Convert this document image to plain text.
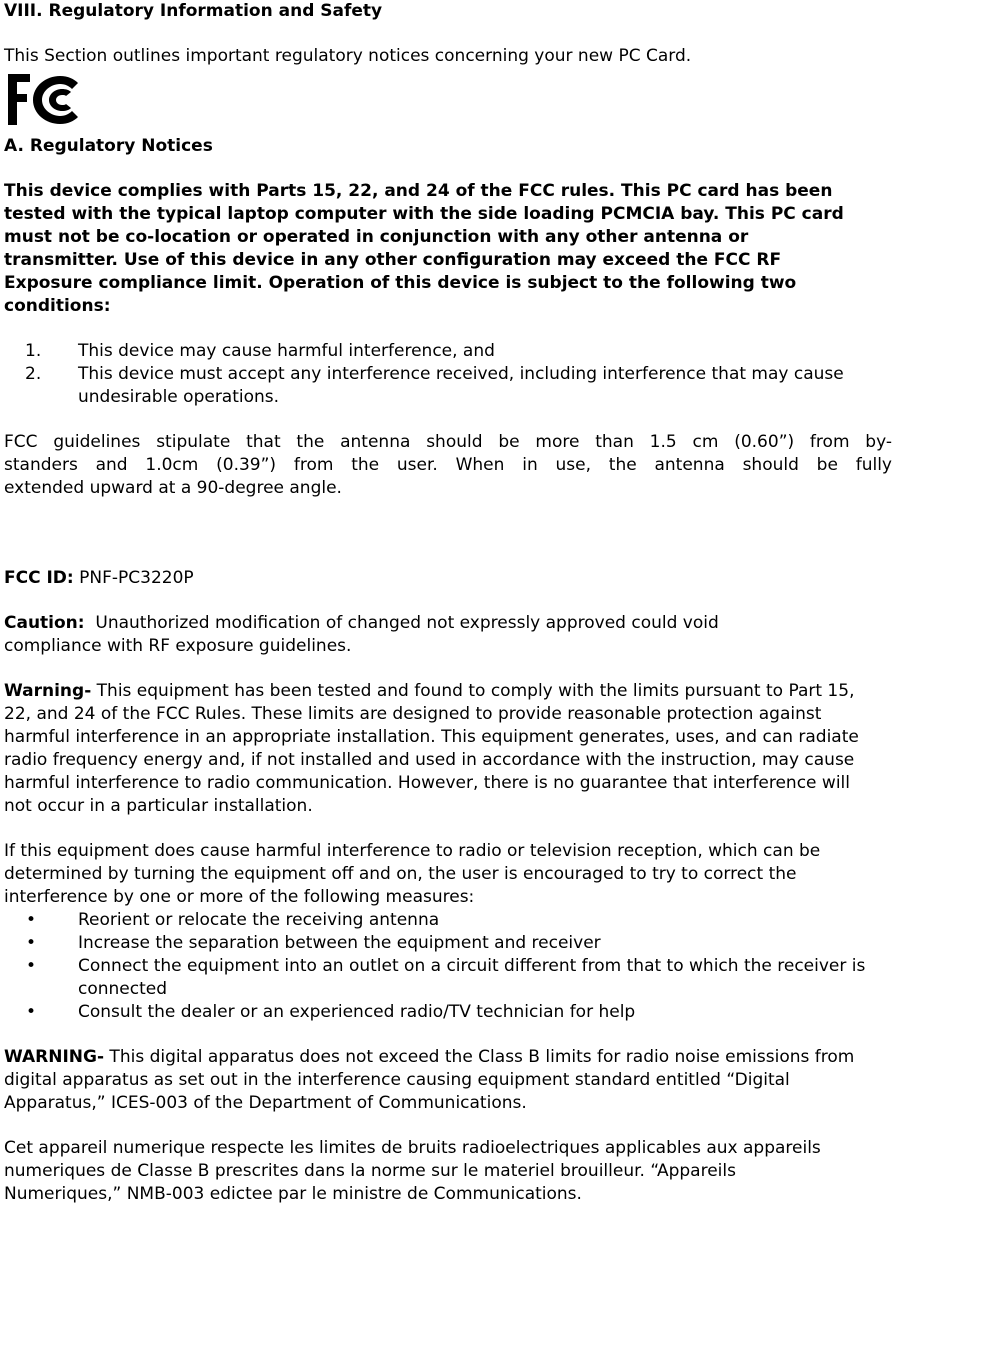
VIII. Regulatory Information and Safety

This Section outlines important regulatory notices concerning your new PC Card.

A. Regulatory Notices

This device complies with Parts 15, 22, and 24 of the FCC rules. This PC card has been tested with the typical laptop computer with the side loading PCMCIA bay. This PC card must not be co-location or operated in conjunction with any other antenna or transmitter. Use of this device in any other configuration may exceed the FCC RF Exposure compliance limit. Operation of this device is subject to the following two conditions:

1.	This device may cause harmful interference, and
2.	This device must accept any interference received, including interference that may cause undesirable operations.

FCC guidelines stipulate that the antenna should be more than 1.5 cm (0.60”) from by-

standers and 1.0cm (0.39”) from the user. When in use, the antenna should be fully

extended upward at a 90-degree angle.

FCC ID: PNF-PC3220P

Caution:  Unauthorized modification of changed not expressly approved could void compliance with RF exposure guidelines.

Warning- This equipment has been tested and found to comply with the limits pursuant to Part 15, 22, and 24 of the FCC Rules. These limits are designed to provide reasonable protection against harmful interference in an appropriate installation. This equipment generates, uses, and can radiate radio frequency energy and, if not installed and used in accordance with the instruction, may cause harmful interference to radio communication. However, there is no guarantee that interference will not occur in a particular installation.

If this equipment does cause harmful interference to radio or television reception, which can be determined by turning the equipment off and on, the user is encouraged to try to correct the interference by one or more of the following measures:

• Reorient or relocate the receiving antenna
• Increase the separation between the equipment and receiver
• Connect the equipment into an outlet on a circuit different from that to which the receiver is connected
• Consult the dealer or an experienced radio/TV technician for help

WARNING- This digital apparatus does not exceed the Class B limits for radio noise emissions from digital apparatus as set out in the interference causing equipment standard entitled “Digital Apparatus,” ICES-003 of the Department of Communications.

Cet appareil numerique respecte les limites de bruits radioelectriques applicables aux appareils numeriques de Classe B prescrites dans la norme sur le materiel brouilleur. “Appareils Numeriques,” NMB-003 edictee par le ministre de Communications.
